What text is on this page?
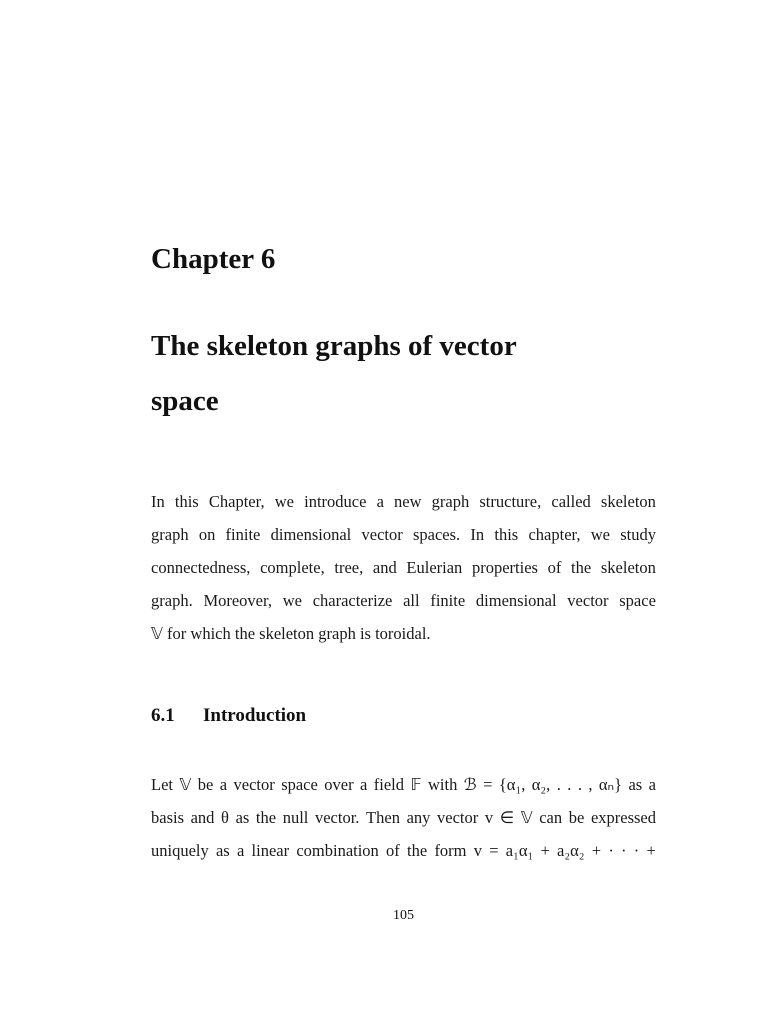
Chapter 6
The skeleton graphs of vector
space
In this Chapter, we introduce a new graph structure, called skeleton
graph on finite dimensional vector spaces. In this chapter, we study
connectedness, complete, tree, and Eulerian properties of the skeleton
graph. Moreover, we characterize all finite dimensional vector space
𝕍 for which the skeleton graph is toroidal.
6.1 Introduction
Let 𝕍 be a vector space over a field 𝔽 with ℬ = {α₁, α₂, . . . , αₙ} as a
basis and θ as the null vector. Then any vector v ∈ 𝕍 can be expressed
uniquely as a linear combination of the form v = a₁α₁ + a₂α₂ + · · · +
105
